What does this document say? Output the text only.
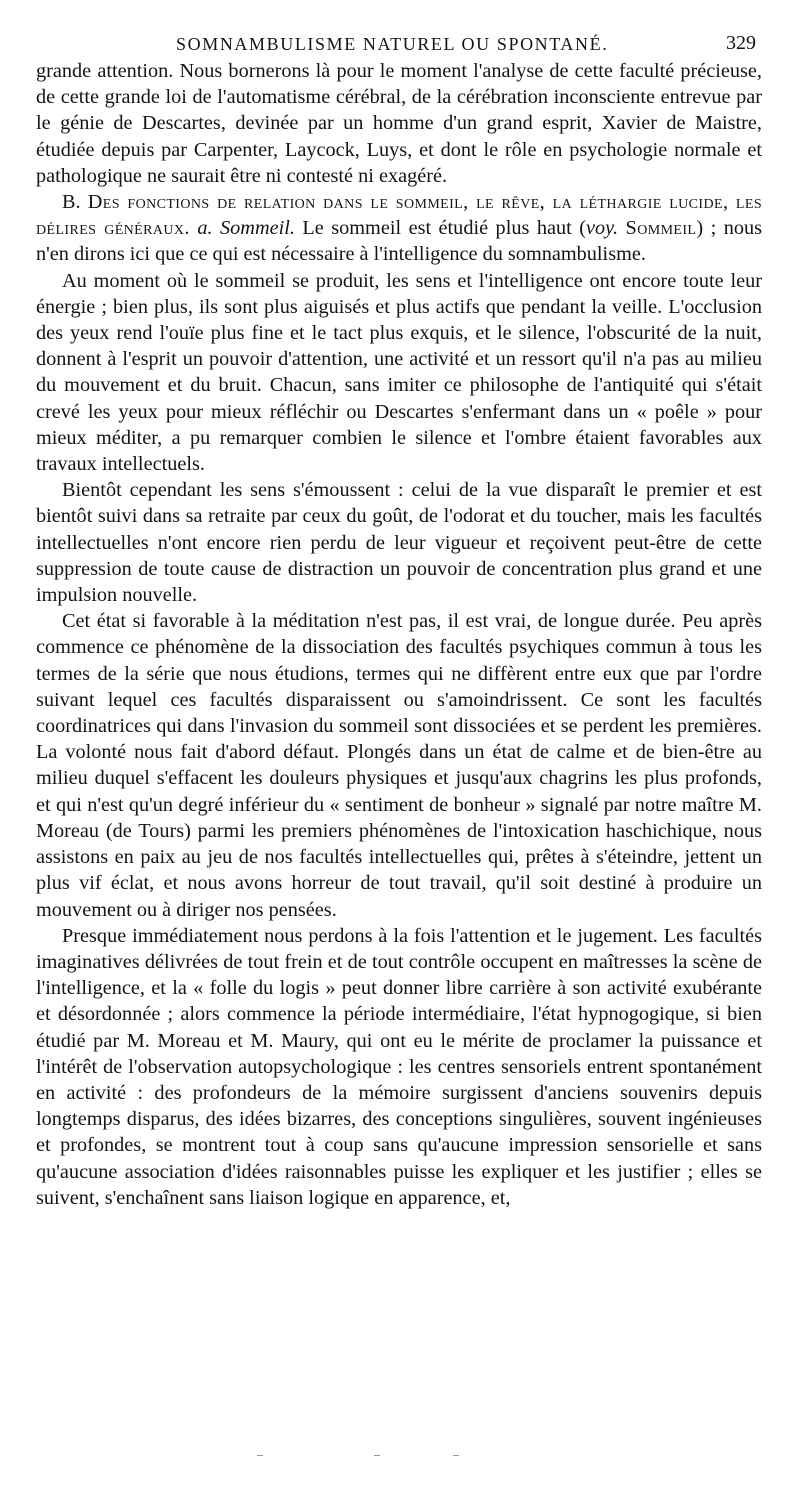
SOMNAMBULISME NATUREL OU SPONTANÉ.	329

grande attention. Nous bornerons là pour le moment l'analyse de cette faculté précieuse, de cette grande loi de l'automatisme cérébral, de la cérébration inconsciente entrevue par le génie de Descartes, devinée par un homme d'un grand esprit, Xavier de Maistre, étudiée depuis par Carpenter, Laycock, Luys, et dont le rôle en psychologie normale et pathologique ne saurait être ni contesté ni exagéré.

B. Des fonctions de relation dans le sommeil, le rêve, la léthargie lucide, les délires généraux. a. Sommeil. Le sommeil est étudié plus haut (voy. Sommeil) ; nous n'en dirons ici que ce qui est nécessaire à l'intelligence du somnambulisme.

Au moment où le sommeil se produit, les sens et l'intelligence ont encore toute leur énergie ; bien plus, ils sont plus aiguisés et plus actifs que pendant la veille. L'occlusion des yeux rend l'ouïe plus fine et le tact plus exquis, et le silence, l'obscurité de la nuit, donnent à l'esprit un pouvoir d'attention, une activité et un ressort qu'il n'a pas au milieu du mouvement et du bruit. Chacun, sans imiter ce philosophe de l'antiquité qui s'était crevé les yeux pour mieux réfléchir ou Descartes s'enfermant dans un « poêle » pour mieux méditer, a pu remarquer combien le silence et l'ombre étaient favorables aux travaux intellectuels.

Bientôt cependant les sens s'émoussent : celui de la vue disparaît le premier et est bientôt suivi dans sa retraite par ceux du goût, de l'odorat et du toucher, mais les facultés intellectuelles n'ont encore rien perdu de leur vigueur et reçoivent peut-être de cette suppression de toute cause de distraction un pouvoir de concentration plus grand et une impulsion nouvelle.

Cet état si favorable à la méditation n'est pas, il est vrai, de longue durée. Peu après commence ce phénomène de la dissociation des facultés psychiques commun à tous les termes de la série que nous étudions, termes qui ne diffèrent entre eux que par l'ordre suivant lequel ces facultés disparaissent ou s'amoindrissent. Ce sont les facultés coordinatrices qui dans l'invasion du sommeil sont dissociées et se perdent les premières. La volonté nous fait d'abord défaut. Plongés dans un état de calme et de bien-être au milieu duquel s'effacent les douleurs physiques et jusqu'aux chagrins les plus profonds, et qui n'est qu'un degré inférieur du « sentiment de bonheur » signalé par notre maître M. Moreau (de Tours) parmi les premiers phénomènes de l'intoxication haschichique, nous assistons en paix au jeu de nos facultés intellectuelles qui, prêtes à s'éteindre, jettent un plus vif éclat, et nous avons horreur de tout travail, qu'il soit destiné à produire un mouvement ou à diriger nos pensées.

Presque immédiatement nous perdons à la fois l'attention et le jugement. Les facultés imaginatives délivrées de tout frein et de tout contrôle occupent en maîtresses la scène de l'intelligence, et la « folle du logis » peut donner libre carrière à son activité exubérante et désordonnée ; alors commence la période intermédiaire, l'état hypnogogique, si bien étudié par M. Moreau et M. Maury, qui ont eu le mérite de proclamer la puissance et l'intérêt de l'observation autopsychologique : les centres sensoriels entrent spontanément en activité : des profondeurs de la mémoire surgissent d'anciens souvenirs depuis longtemps disparus, des idées bizarres, des conceptions singulières, souvent ingénieuses et profondes, se montrent tout à coup sans qu'aucune impression sensorielle et sans qu'aucune association d'idées raisonnables puisse les expliquer et les justifier ; elles se suivent, s'enchaînent sans liaison logique en apparence, et,
